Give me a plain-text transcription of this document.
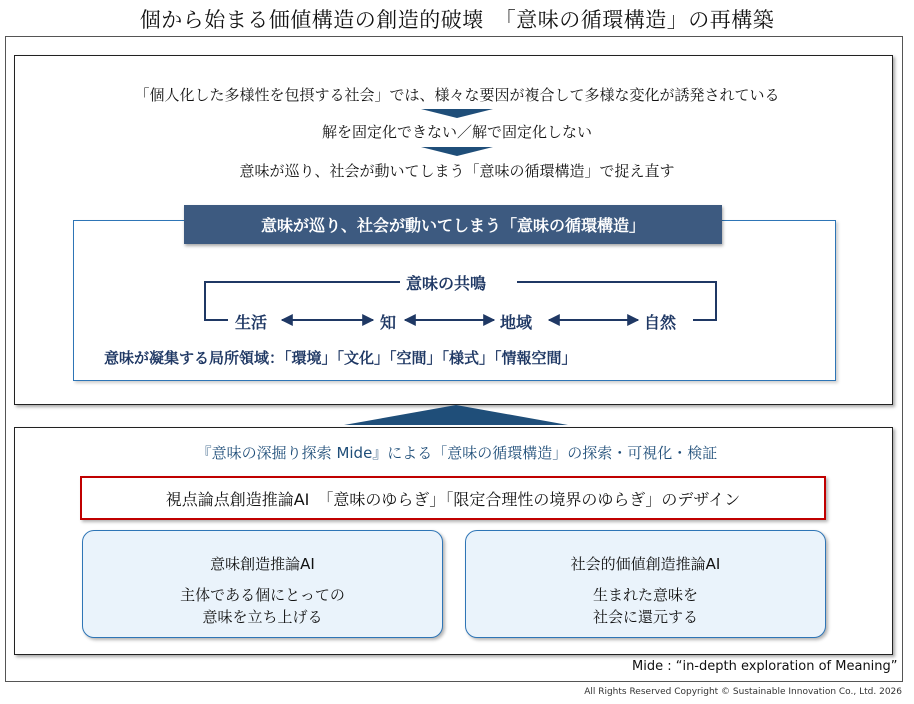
個から始まる価値構造の創造的破壊　「意味の循環構造」の再構築
「個人化した多様性を包摂する社会」では、様々な要因が複合して多様な変化が誘発されている
解を固定化できない／解で固定化しない
意味が巡り、社会が動いてしまう「意味の循環構造」で捉え直す
意味が巡り、社会が動いてしまう「意味の循環構造」
意味の共鳴
生活	知	地域	自然
意味が凝集する局所領域：「環境」「文化」「空間」「様式」「情報空間」
『意味の深掘り探索 Mide』による「意味の循環構造」の探索・可視化・検証
視点論点創造推論AI　「意味のゆらぎ」「限定合理性の境界のゆらぎ」のデザイン
意味創造推論AI
主体である個にとっての
意味を立ち上げる
社会的価値創造推論AI
生まれた意味を
社会に還元する
Mide : “in-depth exploration of Meaning”
All Rights Reserved Copyright © Sustainable Innovation Co., Ltd. 2026
